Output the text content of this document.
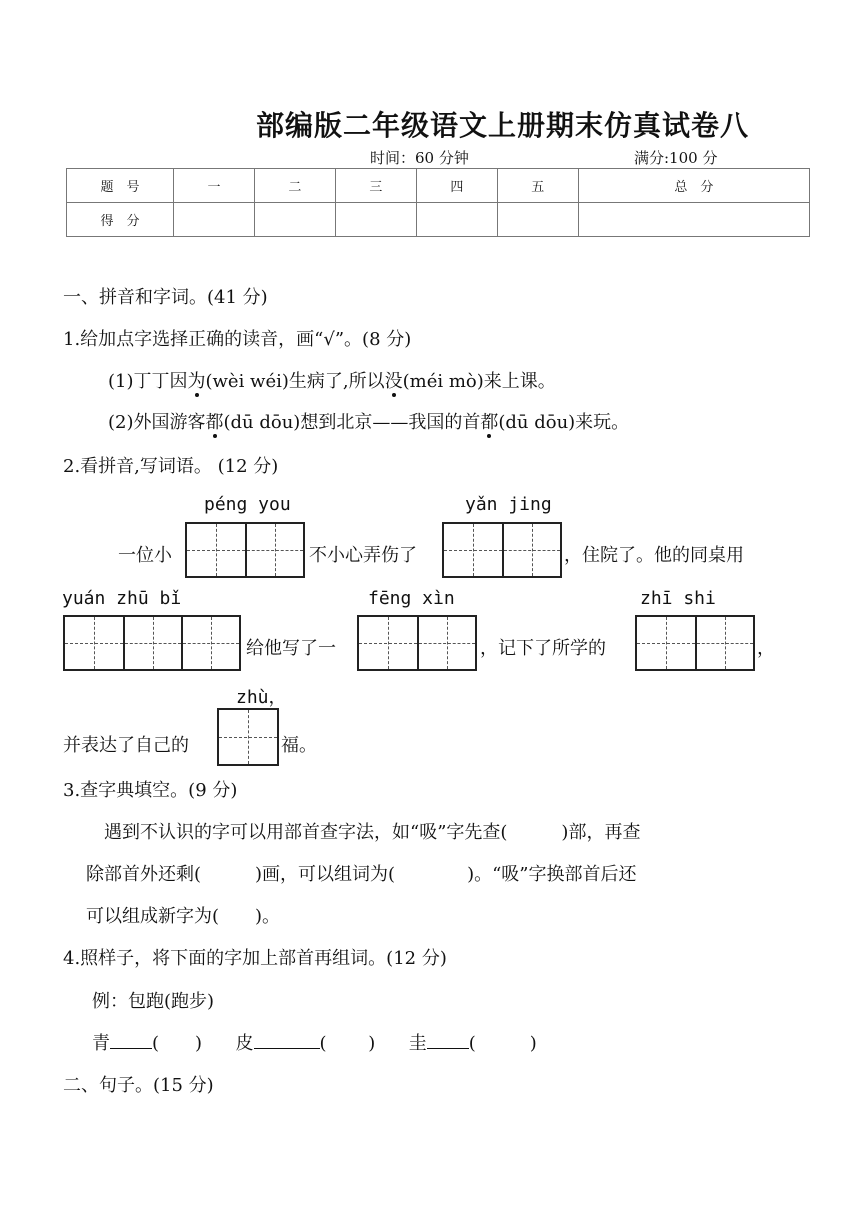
部编版二年级语文上册期末仿真试卷八
时间：60 分钟	满分:100 分
题　号	一	二	三	四	五	总　分
得　分						
一、拼音和字词。(41 分)
1.给加点字选择正确的读音，画“√”。(8 分)
(1)丁丁因为(wèi wéi)生病了,所以没(méi mò)来上课。
(2)外国游客都(dū dōu)想到北京——我国的首都(dū dōu)来玩。
2.看拼音,写词语。 (12 分)
péng you	yǎn jing
一位小	不小心弄伤了	，住院了。他的同桌用
yuán zhū bǐ	fēng xìn	zhī shi
给他写了一	，记下了所学的	，
zhù，
并表达了自己的	福。
3.查字典填空。(9 分)
遇到不认识的字可以用部首查字法，如“吸”字先查(　　　)部，再查
除部首外还剩(　　　)画，可以组词为(　　　　)。“吸”字换部首后还
可以组成新字为(　　)。
4.照样子，将下面的字加上部首再组词。(12 分)
例：包跑(跑步)
青 (　　) 皮	(　　 ) 圭 (　　　)
二、句子。(15 分)
